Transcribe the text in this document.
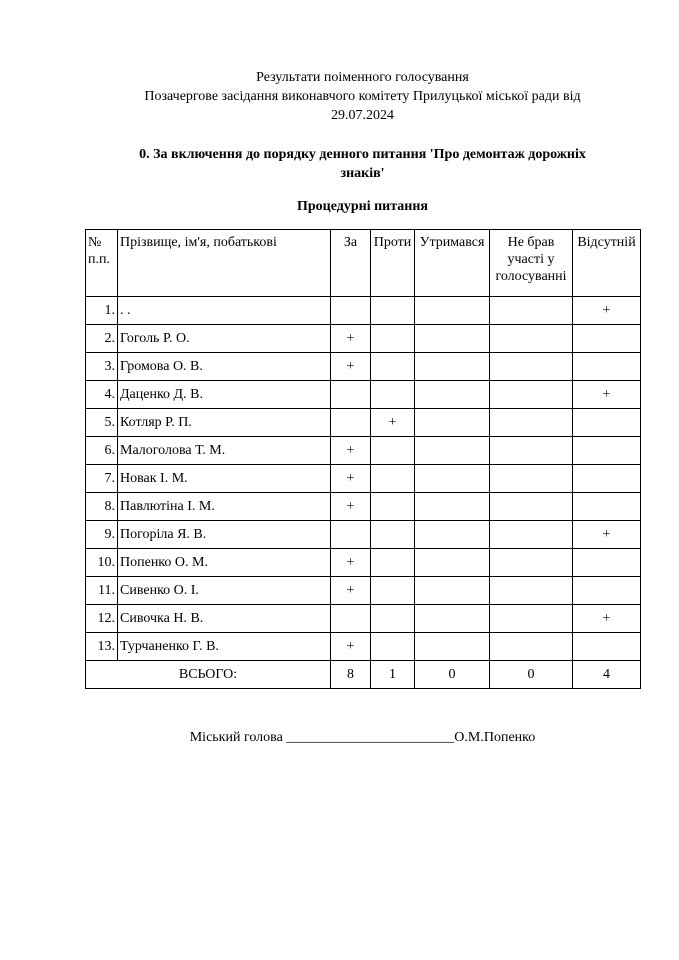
Результати поіменного голосування
Позачергове засідання виконавчого комітету Прилуцької міської ради від
29.07.2024
0. За включення до порядку денного питання 'Про демонтаж дорожніх
знаків'
Процедурні питання
№ п.п.	Прізвище, ім'я, побатькові	За	Проти	Утримався	Не брав участі у голосуванні	Відсутній
1.	. .					+
2.	Гоголь Р. О.	+				
3.	Громова О. В.	+				
4.	Даценко Д. В.					+
5.	Котляр Р. П.		+			
6.	Малоголова Т. М.	+				
7.	Новак І. М.	+				
8.	Павлютіна І. М.	+				
9.	Погоріла Я. В.					+
10.	Попенко О. М.	+				
11.	Сивенко О. І.	+				
12.	Сивочка Н. В.					+
13.	Турчаненко Г. В.	+				
ВСЬОГО:		8	1	0	0	4
Міський голова ________________________О.М.Попенко
